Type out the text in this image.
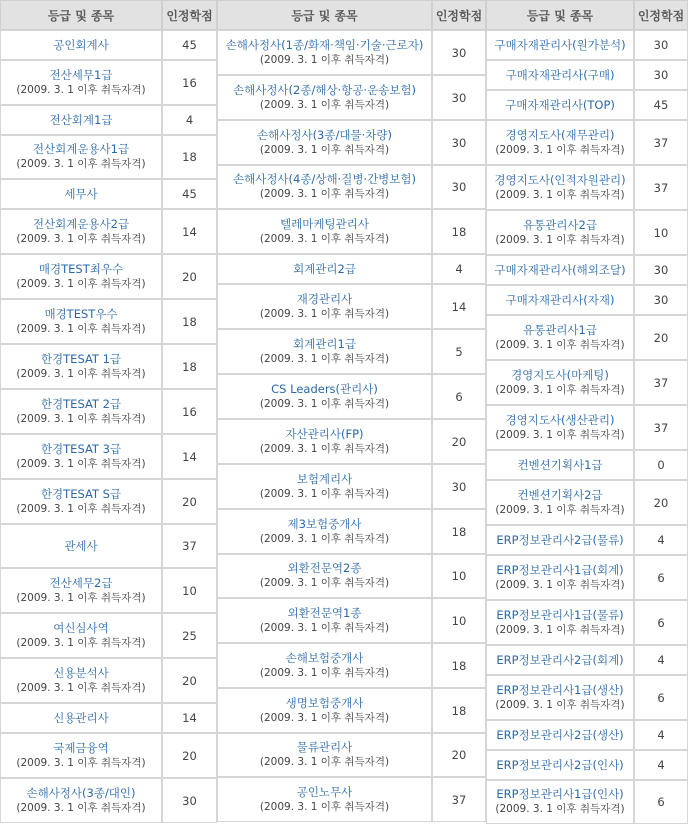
등급 및 종목	인정학점
공인회계사	45
전산세무1급
(2009. 3. 1 이후 취득자격)	16
전산회계1급	4
전산회계운용사1급
(2009. 3. 1 이후 취득자격)	18
세무사	45
전산회계운용사2급
(2009. 3. 1 이후 취득자격)	14
매경TEST최우수
(2009. 3. 1 이후 취득자격)	20
매경TEST우수
(2009. 3. 1 이후 취득자격)	18
한경TESAT 1급
(2009. 3. 1 이후 취득자격)	18
한경TESAT 2급
(2009. 3. 1 이후 취득자격)	16
한경TESAT 3급
(2009. 3. 1 이후 취득자격)	14
한경TESAT S급
(2009. 3. 1 이후 취득자격)	20
관세사	37
전산세무2급
(2009. 3. 1 이후 취득자격)	10
여신심사역
(2009. 3. 1 이후 취득자격)	25
신용분석사
(2009. 3. 1 이후 취득자격)	20
신용관리사	14
국제금융역
(2009. 3. 1 이후 취득자격)	20
손해사정사(3종/대인)
(2009. 3. 1 이후 취득자격)	30
등급 및 종목	인정학점
손해사정사(1종/화재·책임·기술·근로자)
(2009. 3. 1 이후 취득자격)	30
손해사정사(2종/해상·항공·운송보험)
(2009. 3. 1 이후 취득자격)	30
손해사정사(3종/대물·차량)
(2009. 3. 1 이후 취득자격)	30
손해사정사(4종/상해·질병·간병보험)
(2009. 3. 1 이후 취득자격)	30
텔레마케팅관리사
(2009. 3. 1 이후 취득자격)	18
회계관리2급	4
재경관리사
(2009. 3. 1 이후 취득자격)	14
회계관리1급
(2009. 3. 1 이후 취득자격)	5
CS Leaders(관리사)
(2009. 3. 1 이후 취득자격)	6
자산관리사(FP)
(2009. 3. 1 이후 취득자격)	20
보험계리사
(2009. 3. 1 이후 취득자격)	30
제3보험중개사
(2009. 3. 1 이후 취득자격)	18
외환전문역2종
(2009. 3. 1 이후 취득자격)	10
외환전문역1종
(2009. 3. 1 이후 취득자격)	10
손해보험중개사
(2009. 3. 1 이후 취득자격)	18
생명보험중개사
(2009. 3. 1 이후 취득자격)	18
물류관리사
(2009. 3. 1 이후 취득자격)	20
공인노무사
(2009. 3. 1 이후 취득자격)	37
등급 및 종목	인정학점
구매자재관리사(원가분석) 30
구매자재관리사(구매)	30
구매자재관리사(TOP)	45
경영지도사(재무관리)
(2009. 3. 1 이후 취득자격)	37
경영지도사(인적자원관리)
(2009. 3. 1 이후 취득자격)	37
유통관리사2급
(2009. 3. 1 이후 취득자격)	10
구매자재관리사(해외조달) 30
구매자재관리사(자재)	30
유통관리사1급
(2009. 3. 1 이후 취득자격)	20
경영지도사(마케팅)
(2009. 3. 1 이후 취득자격)	37
경영지도사(생산관리)
(2009. 3. 1 이후 취득자격)	37
컨벤션기획사1급	0
컨벤션기획사2급
(2009. 3. 1 이후 취득자격)	20
ERP정보관리사2급(물류)	4
ERP정보관리사1급(회계)
(2009. 3. 1 이후 취득자격)	6
ERP정보관리사1급(물류)
(2009. 3. 1 이후 취득자격)	6
ERP정보관리사2급(회계)	4
ERP정보관리사1급(생산)
(2009. 3. 1 이후 취득자격)	6
ERP정보관리사2급(생산)	4
ERP정보관리사2급(인사)	4
ERP정보관리사1급(인사)
(2009. 3. 1 이후 취득자격)	6
